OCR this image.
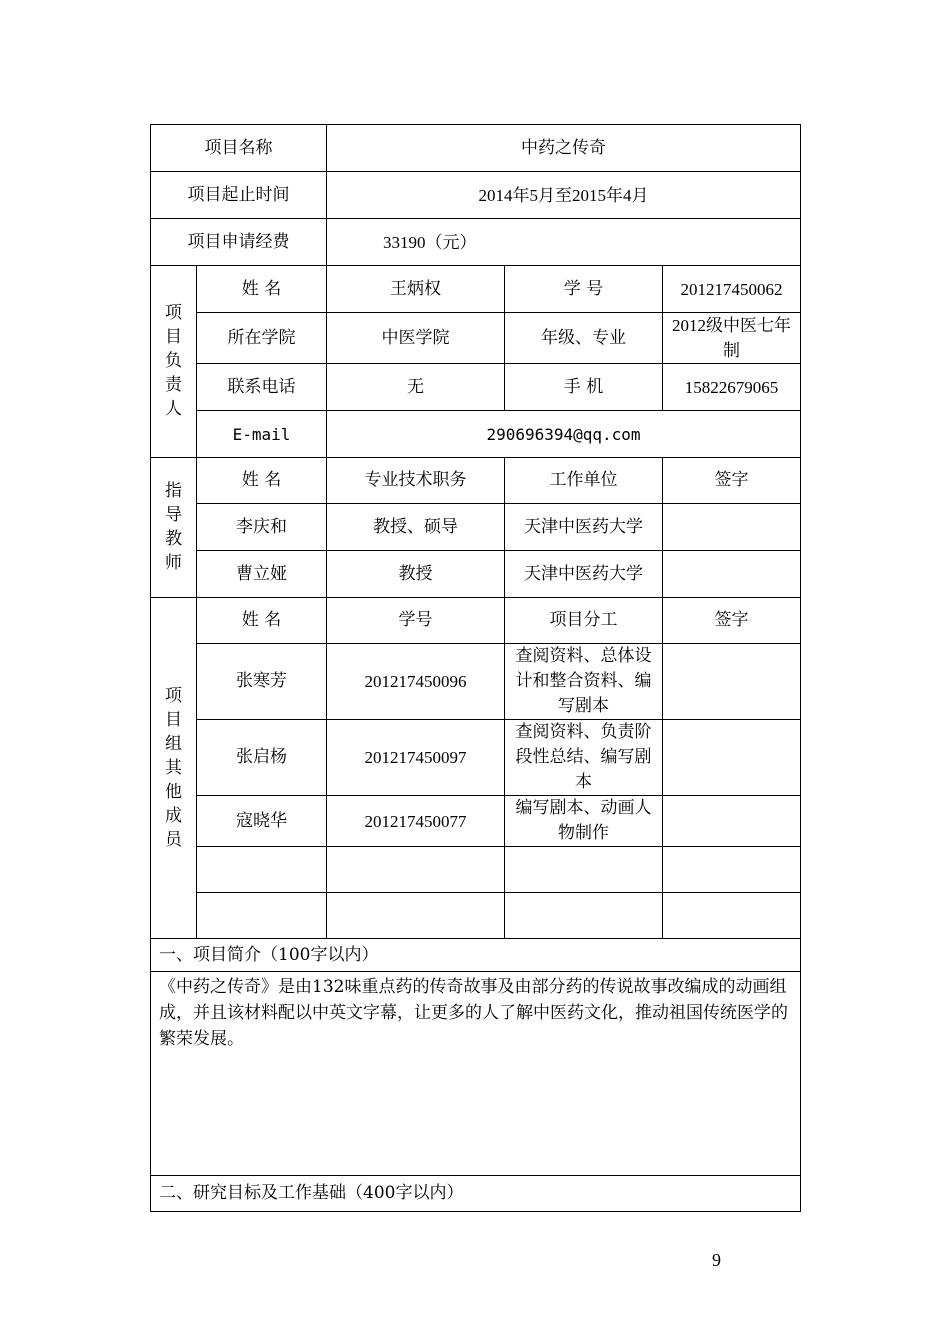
项目名称		中药之传奇		
项目起止时间		2014年5月至2015年4月		
项目申请经费		33190（元）		
项目负责人	姓 名	王炳权	学 号	201217450062
	所在学院	中医学院	年级、专业	2012级中医七年制
	联系电话	无	手 机	15822679065
	E-mail	290696394@qq.com		
指导教师	姓 名	专业技术职务	工作单位	签字
	李庆和	教授、硕导	天津中医药大学	
	曹立娅	教授	天津中医药大学	
项目组其他成员	姓 名	学号	项目分工	签字
	张寒芳	201217450096	查阅资料、总体设计和整合资料、编写剧本	
	张启杨	201217450097	查阅资料、负责阶段性总结、编写剧本	
	寇晓华	201217450077	编写剧本、动画人物制作	

一、项目简介（100字以内）				
《中药之传奇》是由132味重点药的传奇故事及由部分药的传说故事改编成的动画组成，并且该材料配以中英文字幕，让更多的人了解中医药文化，推动祖国传统医学的繁荣发展。				
二、研究目标及工作基础（400字以内）				
9
